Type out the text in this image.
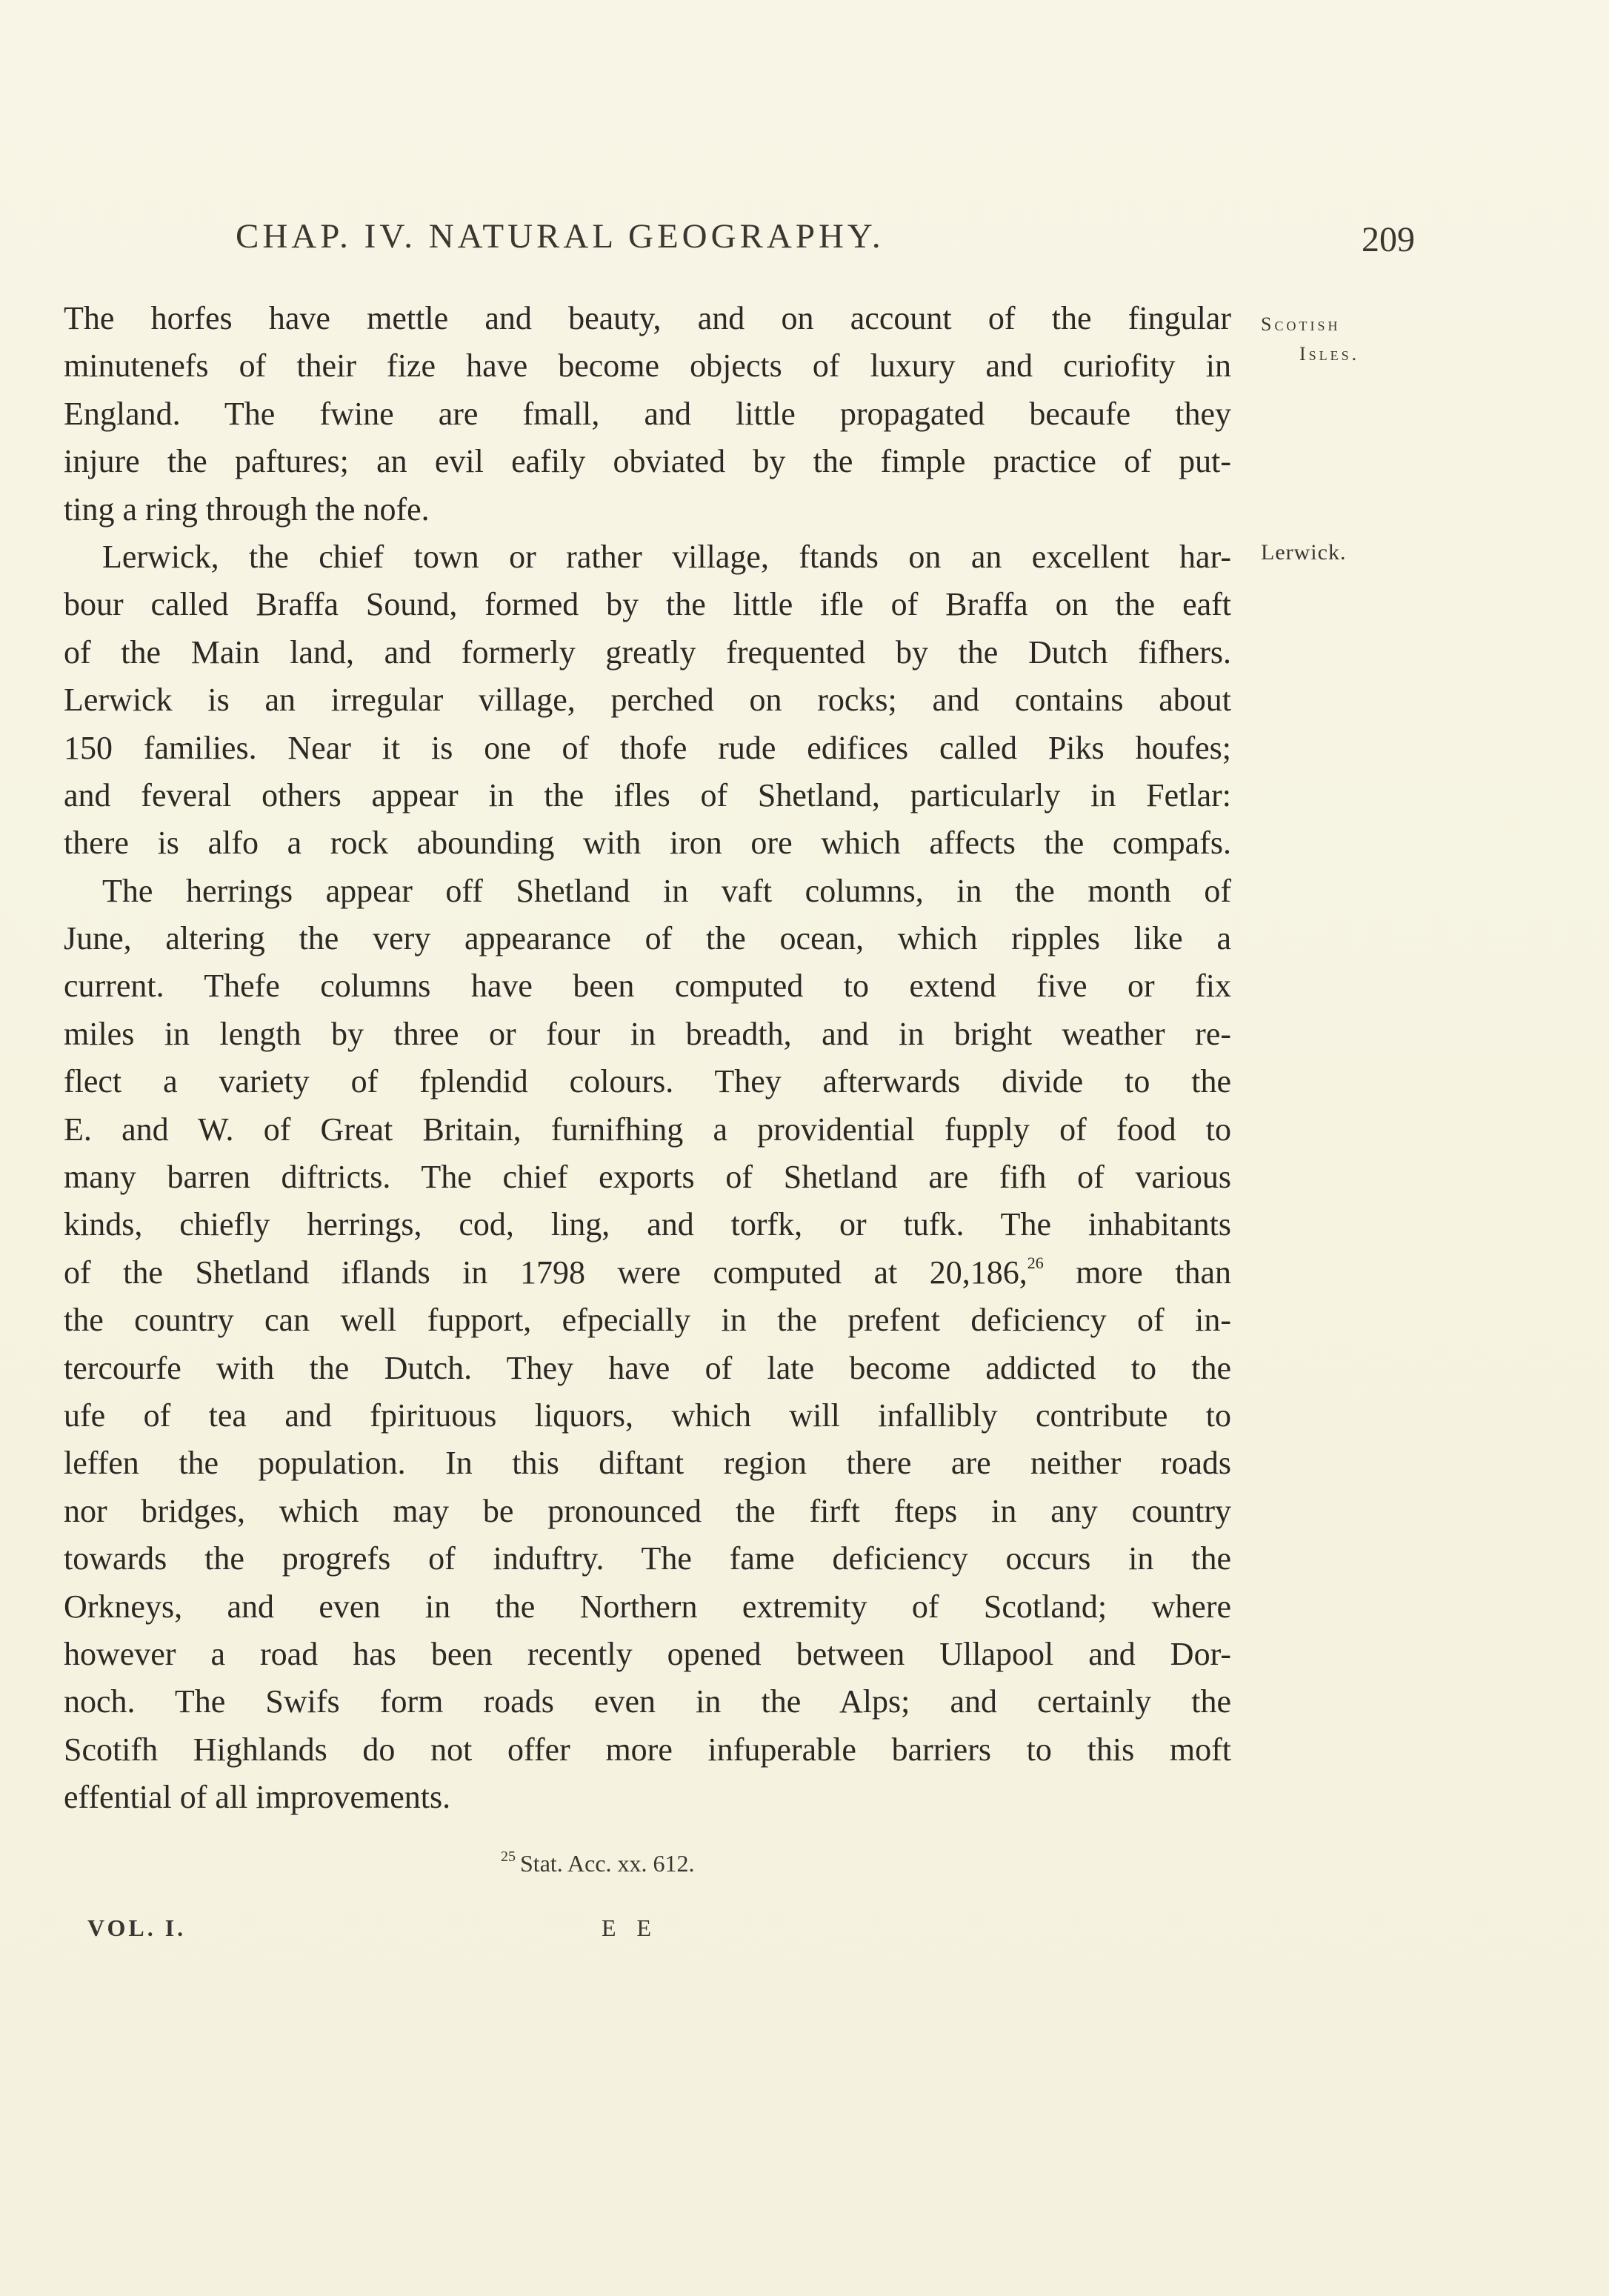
CHAP. IV. NATURAL GEOGRAPHY.	209
Scotish
Isles.
Lerwick.
The horfes have mettle and beauty, and on account of the fingular
minutenefs of their fize have become objects of luxury and curiofity in
England. The fwine are fmall, and little propagated becaufe they
injure the paftures; an evil eafily obviated by the fimple practice of put-
ting a ring through the nofe.
Lerwick, the chief town or rather village, ftands on an excellent har-
bour called Braffa Sound, formed by the little ifle of Braffa on the eaft
of the Main land, and formerly greatly frequented by the Dutch fifhers.
Lerwick is an irregular village, perched on rocks; and contains about
150 families. Near it is one of thofe rude edifices called Piks houfes;
and feveral others appear in the ifles of Shetland, particularly in Fetlar:
there is alfo a rock abounding with iron ore which affects the compafs.
The herrings appear off Shetland in vaft columns, in the month of
June, altering the very appearance of the ocean, which ripples like a
current. Thefe columns have been computed to extend five or fix
miles in length by three or four in breadth, and in bright weather re-
flect a variety of fplendid colours. They afterwards divide to the
E. and W. of Great Britain, furnifhing a providential fupply of food to
many barren diftricts. The chief exports of Shetland are fifh of various
kinds, chiefly herrings, cod, ling, and torfk, or tufk. The inhabitants
of the Shetland iflands in 1798 were computed at 20,186,26 more than
the country can well fupport, efpecially in the prefent deficiency of in-
tercourfe with the Dutch. They have of late become addicted to the
ufe of tea and fpirituous liquors, which will infallibly contribute to
leffen the population. In this diftant region there are neither roads
nor bridges, which may be pronounced the firft fteps in any country
towards the progrefs of induftry. The fame deficiency occurs in the
Orkneys, and even in the Northern extremity of Scotland; where
however a road has been recently opened between Ullapool and Dor-
noch. The Swifs form roads even in the Alps; and certainly the
Scotifh Highlands do not offer more infuperable barriers to this moft
effential of all improvements.
$^{25}$ Stat. Acc. xx. 612.
VOL. I.	E E
